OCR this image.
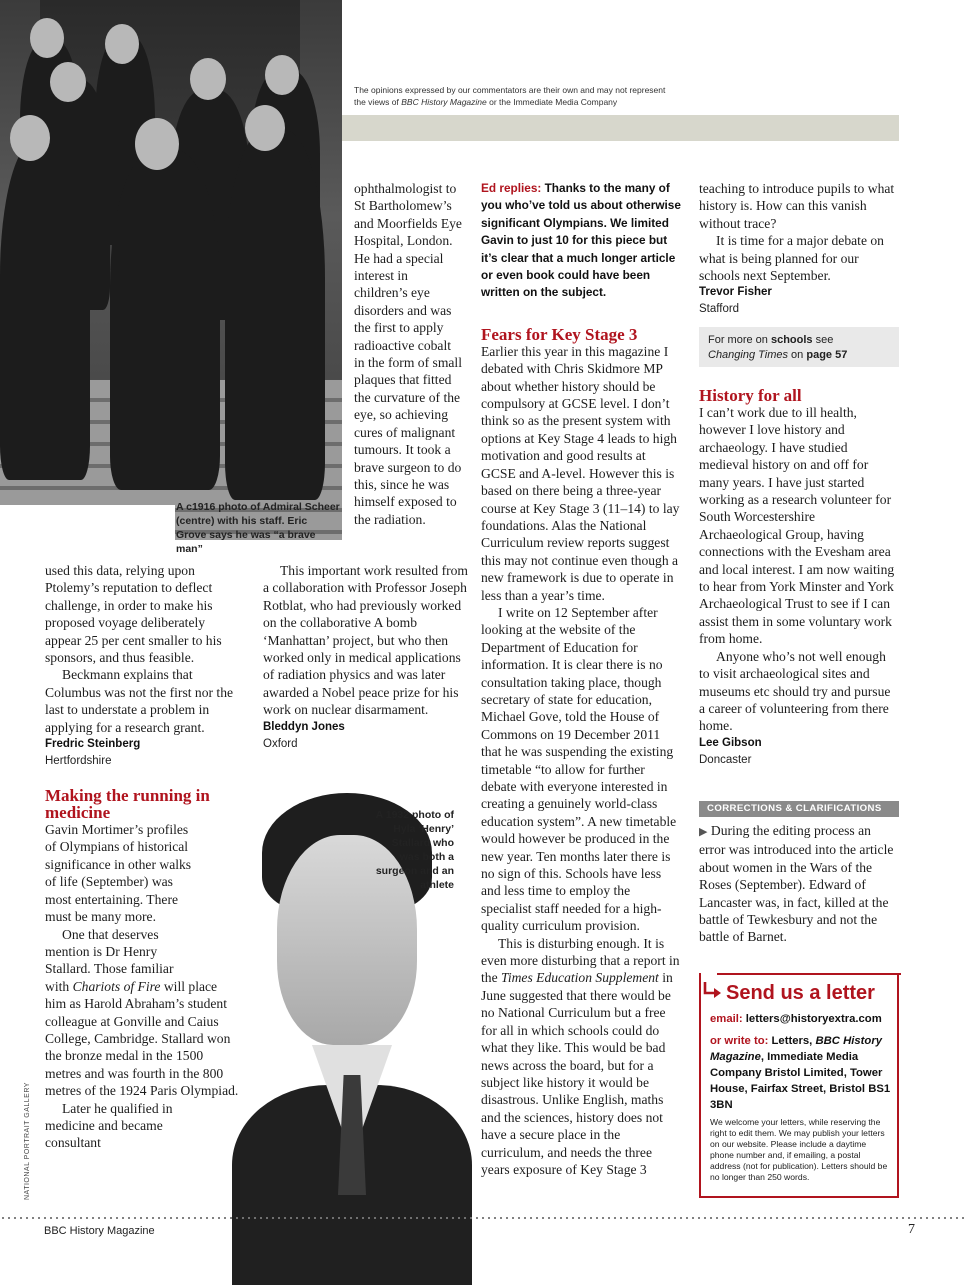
A c1916 photo of Admiral Scheer (centre) with his staff. Eric Grove says he was “a brave man”
The opinions expressed by our commentators are their own and may not represent
the views of BBC History Magazine or the Immediate Media Company

ophthalmologist to St Bartholomew’s and Moorfields Eye Hospital, London. He had a special interest in children’s eye disorders and was the first to apply radioactive cobalt in the form of small plaques that fitted the curvature of the eye, so achieving cures of malignant tumours. It took a brave surgeon to do this, since he was himself exposed to the radiation.

used this data, relying upon Ptolemy’s reputation to deflect challenge, in order to make his proposed voyage deliberately appear 25 per cent smaller to his sponsors, and thus feasible.

Beckmann explains that Columbus was not the first nor the last to understate a problem in applying for a research grant.

Fredric Steinberg
Hertfordshire
Making the running in medicine

Gavin Mortimer’s profiles of Olympians of historical significance in other walks of life (September) was most entertaining. There must be many more.

One that deserves mention is Dr Henry Stallard. Those familiar

with Chariots of Fire will place him as Harold Abraham’s student colleague at Gonville and Caius College, Cambridge. Stallard won the bronze medal in the 1500 metres and was fourth in the 800 metres of the 1924 Paris Olympiad.

Later he qualified in medicine and became consultant

This important work resulted from a collaboration with Professor Joseph Rotblat, who had previously worked on the collaborative A bomb ‘Manhattan’ project, but who then worked only in medical applications of radiation physics and was later awarded a Nobel peace prize for his work on nuclear disarmament.

Bleddyn Jones
Oxford
A 1932 photo of Hyla ‘Henry’ Stallard who was both a surgeon and an athlete
NATIONAL PORTRAIT GALLERY
Ed replies: Thanks to the many of you who’ve told us about otherwise significant Olympians. We limited Gavin to just 10 for this piece but it’s clear that a much longer article or even book could have been written on the subject.
Fears for Key Stage 3

Earlier this year in this magazine I debated with Chris Skidmore MP about whether history should be compulsory at GCSE level. I don’t think so as the present system with options at Key Stage 4 leads to high motivation and good results at GCSE and A-level. However this is based on there being a three-year course at Key Stage 3 (11–14) to lay foundations. Alas the National Curriculum review reports suggest this may not continue even though a new framework is due to operate in less than a year’s time.

I write on 12 September after looking at the website of the Department of Education for information. It is clear there is no consultation taking place, though secretary of state for education, Michael Gove, told the House of Commons on 19 December 2011 that he was suspending the existing timetable “to allow for further debate with everyone interested in creating a genuinely world-class education system”. A new timetable would however be produced in the new year. Ten months later there is no sign of this. Schools have less and less time to employ the specialist staff needed for a high-quality curriculum provision.

This is disturbing enough. It is even more disturbing that a report in the Times Education Supplement in June suggested that there would be no National Curriculum but a free for all in which schools could do what they like. This would be bad news across the board, but for a subject like history it would be disastrous. Unlike English, maths and the sciences, history does not have a secure place in the curriculum, and needs the three years exposure of Key Stage 3

teaching to introduce pupils to what history is. How can this vanish without trace?

It is time for a major debate on what is being planned for our schools next September.

Trevor Fisher
Stafford
For more on schools see
Changing Times on page 57
History for all

I can’t work due to ill health, however I love history and archaeology. I have studied medieval history on and off for many years. I have just started working as a research volunteer for South Worcestershire Archaeological Group, having connections with the Evesham area and local interest. I am now waiting to hear from York Minster and York Archaeological Trust to see if I can assist them in some voluntary work from home.

Anyone who’s not well enough to visit archaeological sites and museums etc should try and pursue a career of volunteering from there home.

Lee Gibson
Doncaster
CORRECTIONS & CLARIFICATIONS

▶ During the editing process an error was introduced into the article about women in the Wars of the Roses (September). Edward of Lancaster was, in fact, killed at the battle of Tewkesbury and not the battle of Barnet.

Send us a letter
email: letters@historyextra.com
or write to: Letters, BBC History Magazine, Immediate Media Company Bristol Limited, Tower House, Fairfax Street, Bristol BS1 3BN
We welcome your letters, while reserving the right to edit them. We may publish your letters on our website. Please include a daytime phone number and, if emailing, a postal address (not for publication). Letters should be no longer than 250 words.
BBC History Magazine	7
